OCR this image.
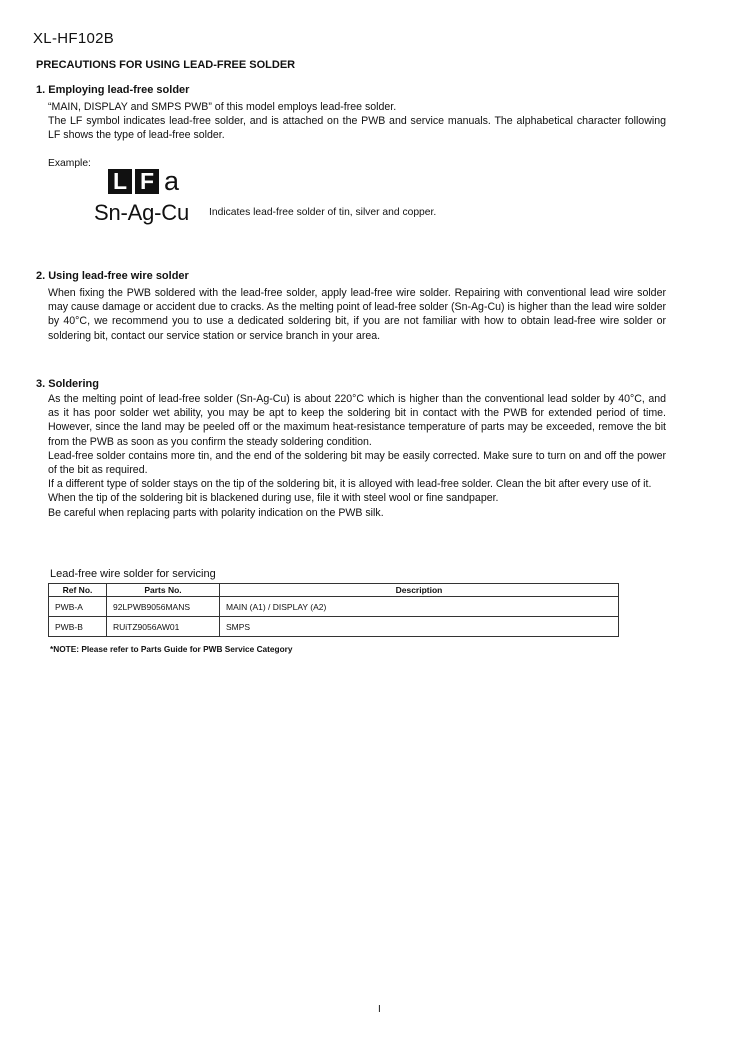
XL-HF102B
PRECAUTIONS FOR USING LEAD-FREE SOLDER
1. Employing lead-free solder

“MAIN, DISPLAY and SMPS PWB” of this model employs lead-free solder.

The LF symbol indicates lead-free solder, and is attached on the PWB and service manuals. The alphabetical character following LF shows the type of lead-free solder.

Example:
L F a
Sn-Ag-Cu Indicates lead-free solder of tin, silver and copper.
2. Using lead-free wire solder
When fixing the PWB soldered with the lead-free solder, apply lead-free wire solder. Repairing with conventional lead wire solder may cause damage or accident due to cracks. As the melting point of lead-free solder (Sn-Ag-Cu) is higher than the lead wire solder by 40°C, we recommend you to use a dedicated soldering bit, if you are not familiar with how to obtain lead-free wire solder or soldering bit, contact our service station or service branch in your area.
3. Soldering

As the melting point of lead-free solder (Sn-Ag-Cu) is about 220°C which is higher than the conventional lead solder by 40°C, and as it has poor solder wet ability, you may be apt to keep the soldering bit in contact with the PWB for extended period of time. However, since the land may be peeled off or the maximum heat-resistance temperature of parts may be exceeded, remove the bit from the PWB as soon as you confirm the steady soldering condition.

Lead-free solder contains more tin, and the end of the soldering bit may be easily corrected. Make sure to turn on and off the power of the bit as required.

If a different type of solder stays on the tip of the soldering bit, it is alloyed with lead-free solder. Clean the bit after every use of it.

When the tip of the soldering bit is blackened during use, file it with steel wool or fine sandpaper.

Be careful when replacing parts with polarity indication on the PWB silk.

Lead-free wire solder for servicing
Ref No.	Parts No.	Description
PWB-A	92LPWB9056MANS	MAIN (A1) / DISPLAY (A2)
PWB-B	RUiTZ9056AW01	SMPS
*NOTE: Please refer to Parts Guide for PWB Service Category
I
